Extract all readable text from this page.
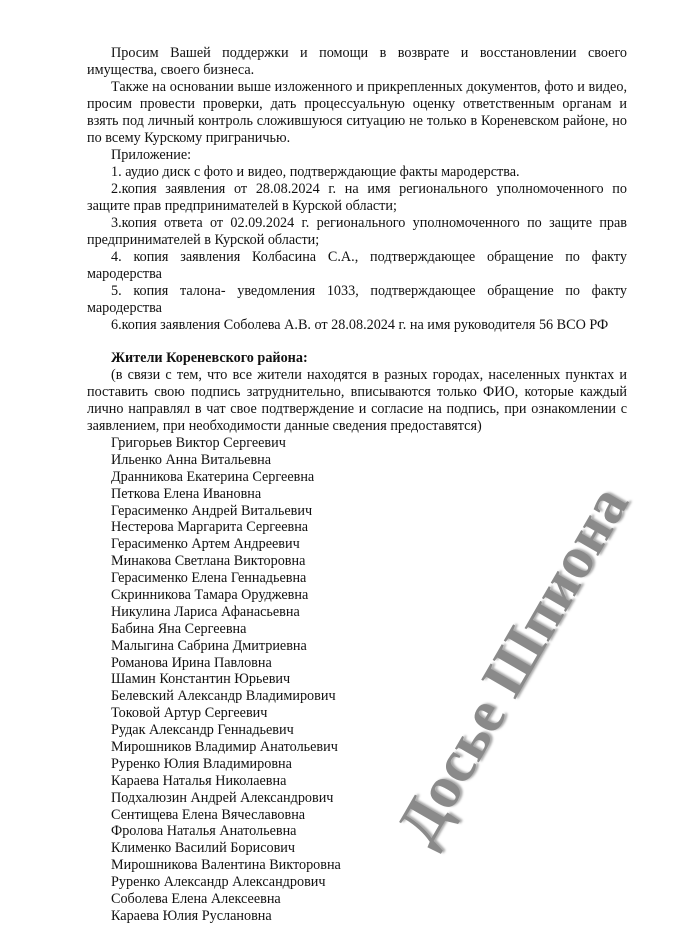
Просим Вашей поддержки и помощи в возврате и восстановлении своего имущества, своего бизнеса.

Также на основании выше изложенного и прикрепленных документов, фото и видео, просим провести проверки, дать процессуальную оценку ответственным органам и взять под личный контроль сложившуюся ситуацию не только в Кореневском районе, но по всему Курскому приграничью.

Приложение:

1. аудио диск с фото и видео, подтверждающие факты мародерства.

2.копия заявления от 28.08.2024 г. на имя регионального уполномоченного по защите прав предпринимателей в Курской области;

3.копия ответа от 02.09.2024 г. регионального уполномоченного по защите прав предпринимателей в Курской области;

4. копия заявления Колбасина С.А., подтверждающее обращение по факту мародерства

5. копия талона- уведомления 1033, подтверждающее обращение по факту мародерства

6.копия заявления Соболева А.В. от 28.08.2024 г. на имя руководителя 56 ВСО РФ

Жители Кореневского района:

(в связи с тем, что все жители находятся в разных городах, населенных пунктах и поставить свою подпись затруднительно, вписываются только ФИО, которые каждый лично направлял в чат свое подтверждение и согласие на подпись, при ознакомлении с заявлением, при необходимости данные сведения предоставятся)

Григорьев Виктор Сергеевич
Ильенко Анна Витальевна
Дранникова Екатерина Сергеевна
Петкова Елена Ивановна
Герасименко Андрей Витальевич
Нестерова Маргарита Сергеевна
Герасименко Артем Андреевич
Минакова Светлана Викторовна
Герасименко Елена Геннадьевна
Скринникова Тамара Оруджевна
Никулина Лариса Афанасьевна
Бабина Яна Сергеевна
Малыгина Сабрина Дмитриевна
Романова Ирина Павловна
Шамин Константин Юрьевич
Белевский Александр Владимирович
Токовой Артур Сергеевич
Рудак Александр Геннадьевич
Мирошников Владимир Анатольевич
Руренко Юлия Владимировна
Караева Наталья Николаевна
Подхалюзин Андрей Александрович
Сентищева Елена Вячеславовна
Фролова Наталья Анатольевна
Клименко Василий Борисович
Мирошникова Валентина Викторовна
Руренко Александр Александрович
Соболева Елена Алексеевна
Караева Юлия Руслановна
Досье Шпиона
